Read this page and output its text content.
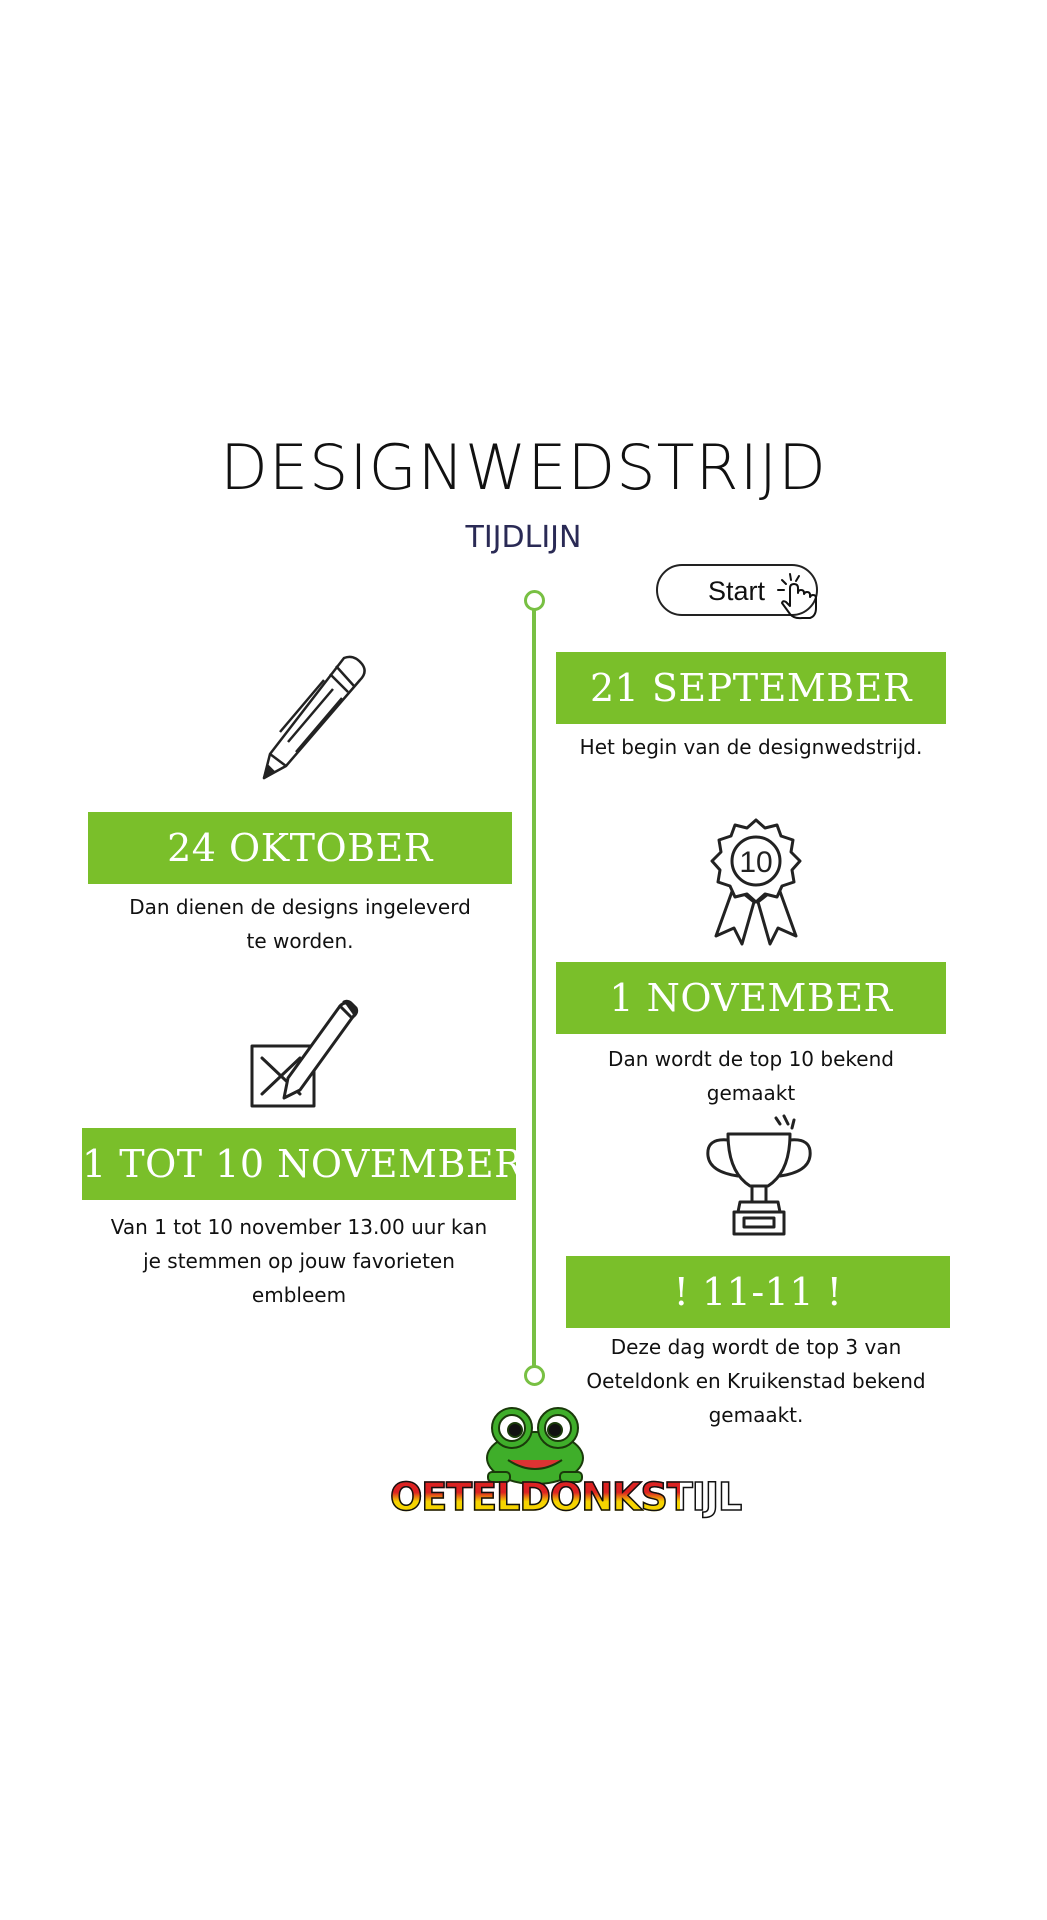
DESIGNWEDSTRIJD
TIJDLIJN
Start
21 SEPTEMBER
Het begin van de designwedstrijd.
24 OKTOBER
Dan dienen de designs ingeleverd
te worden.
10
1 NOVEMBER
Dan wordt de top 10 bekend
gemaakt
1 TOT 10 NOVEMBER
Van 1 tot 10 november 13.00 uur kan
je stemmen op jouw favorieten
embleem	! 11-11 !
Deze dag wordt de top 3 van
Oeteldonk en Kruikenstad bekend
gemaakt.
OETELDONKSTIJL
